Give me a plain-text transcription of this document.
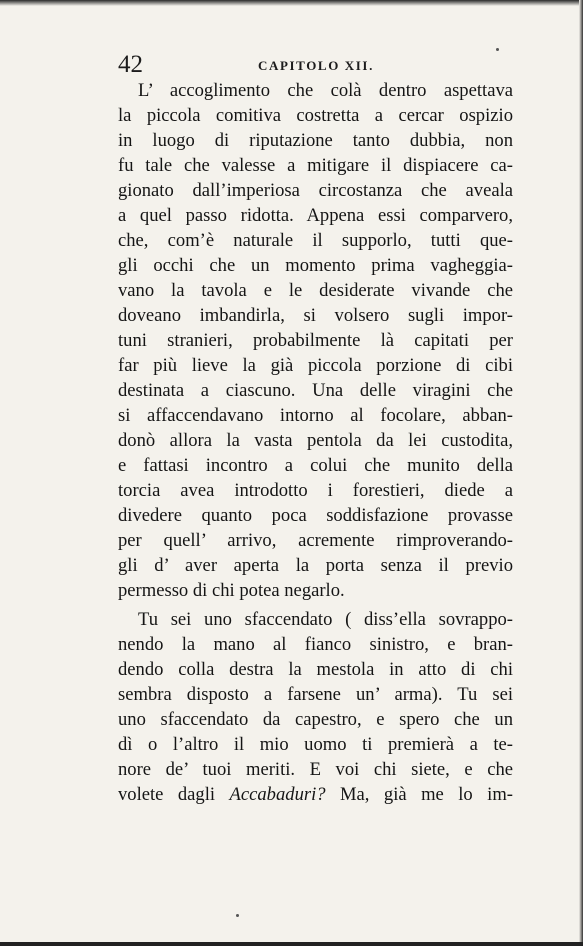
42	CAPITOLO XII.
L’ accoglimento che colà dentro aspettava
la piccola comitiva costretta a cercar ospizio
in luogo di riputazione tanto dubbia, non
fu tale che valesse a mitigare il dispiacere ca-
gionato dall’imperiosa circostanza che aveala
a quel passo ridotta. Appena essi comparvero,
che, com’è naturale il supporlo, tutti que-
gli occhi che un momento prima vagheggia-
vano la tavola e le desiderate vivande che
doveano imbandirla, si volsero sugli impor-
tuni stranieri, probabilmente là capitati per
far più lieve la già piccola porzione di cibi
destinata a ciascuno. Una delle viragini che
si affaccendavano intorno al focolare, abban-
donò allora la vasta pentola da lei custodita,
e fattasi incontro a colui che munito della
torcia avea introdotto i forestieri, diede a
divedere quanto poca soddisfazione provasse
per quell’ arrivo, acremente rimproverando-
gli d’ aver aperta la porta senza il previo
permesso di chi potea negarlo.
Tu sei uno sfaccendato ( diss’ella sovrappo-
nendo la mano al fianco sinistro, e bran-
dendo colla destra la mestola in atto di chi
sembra disposto a farsene un’ arma). Tu sei
uno sfaccendato da capestro, e spero che un
dì o l’altro il mio uomo ti premierà a te-
nore de’ tuoi meriti. E voi chi siete, e che
volete dagli Accabaduri? Ma, già me lo im-
